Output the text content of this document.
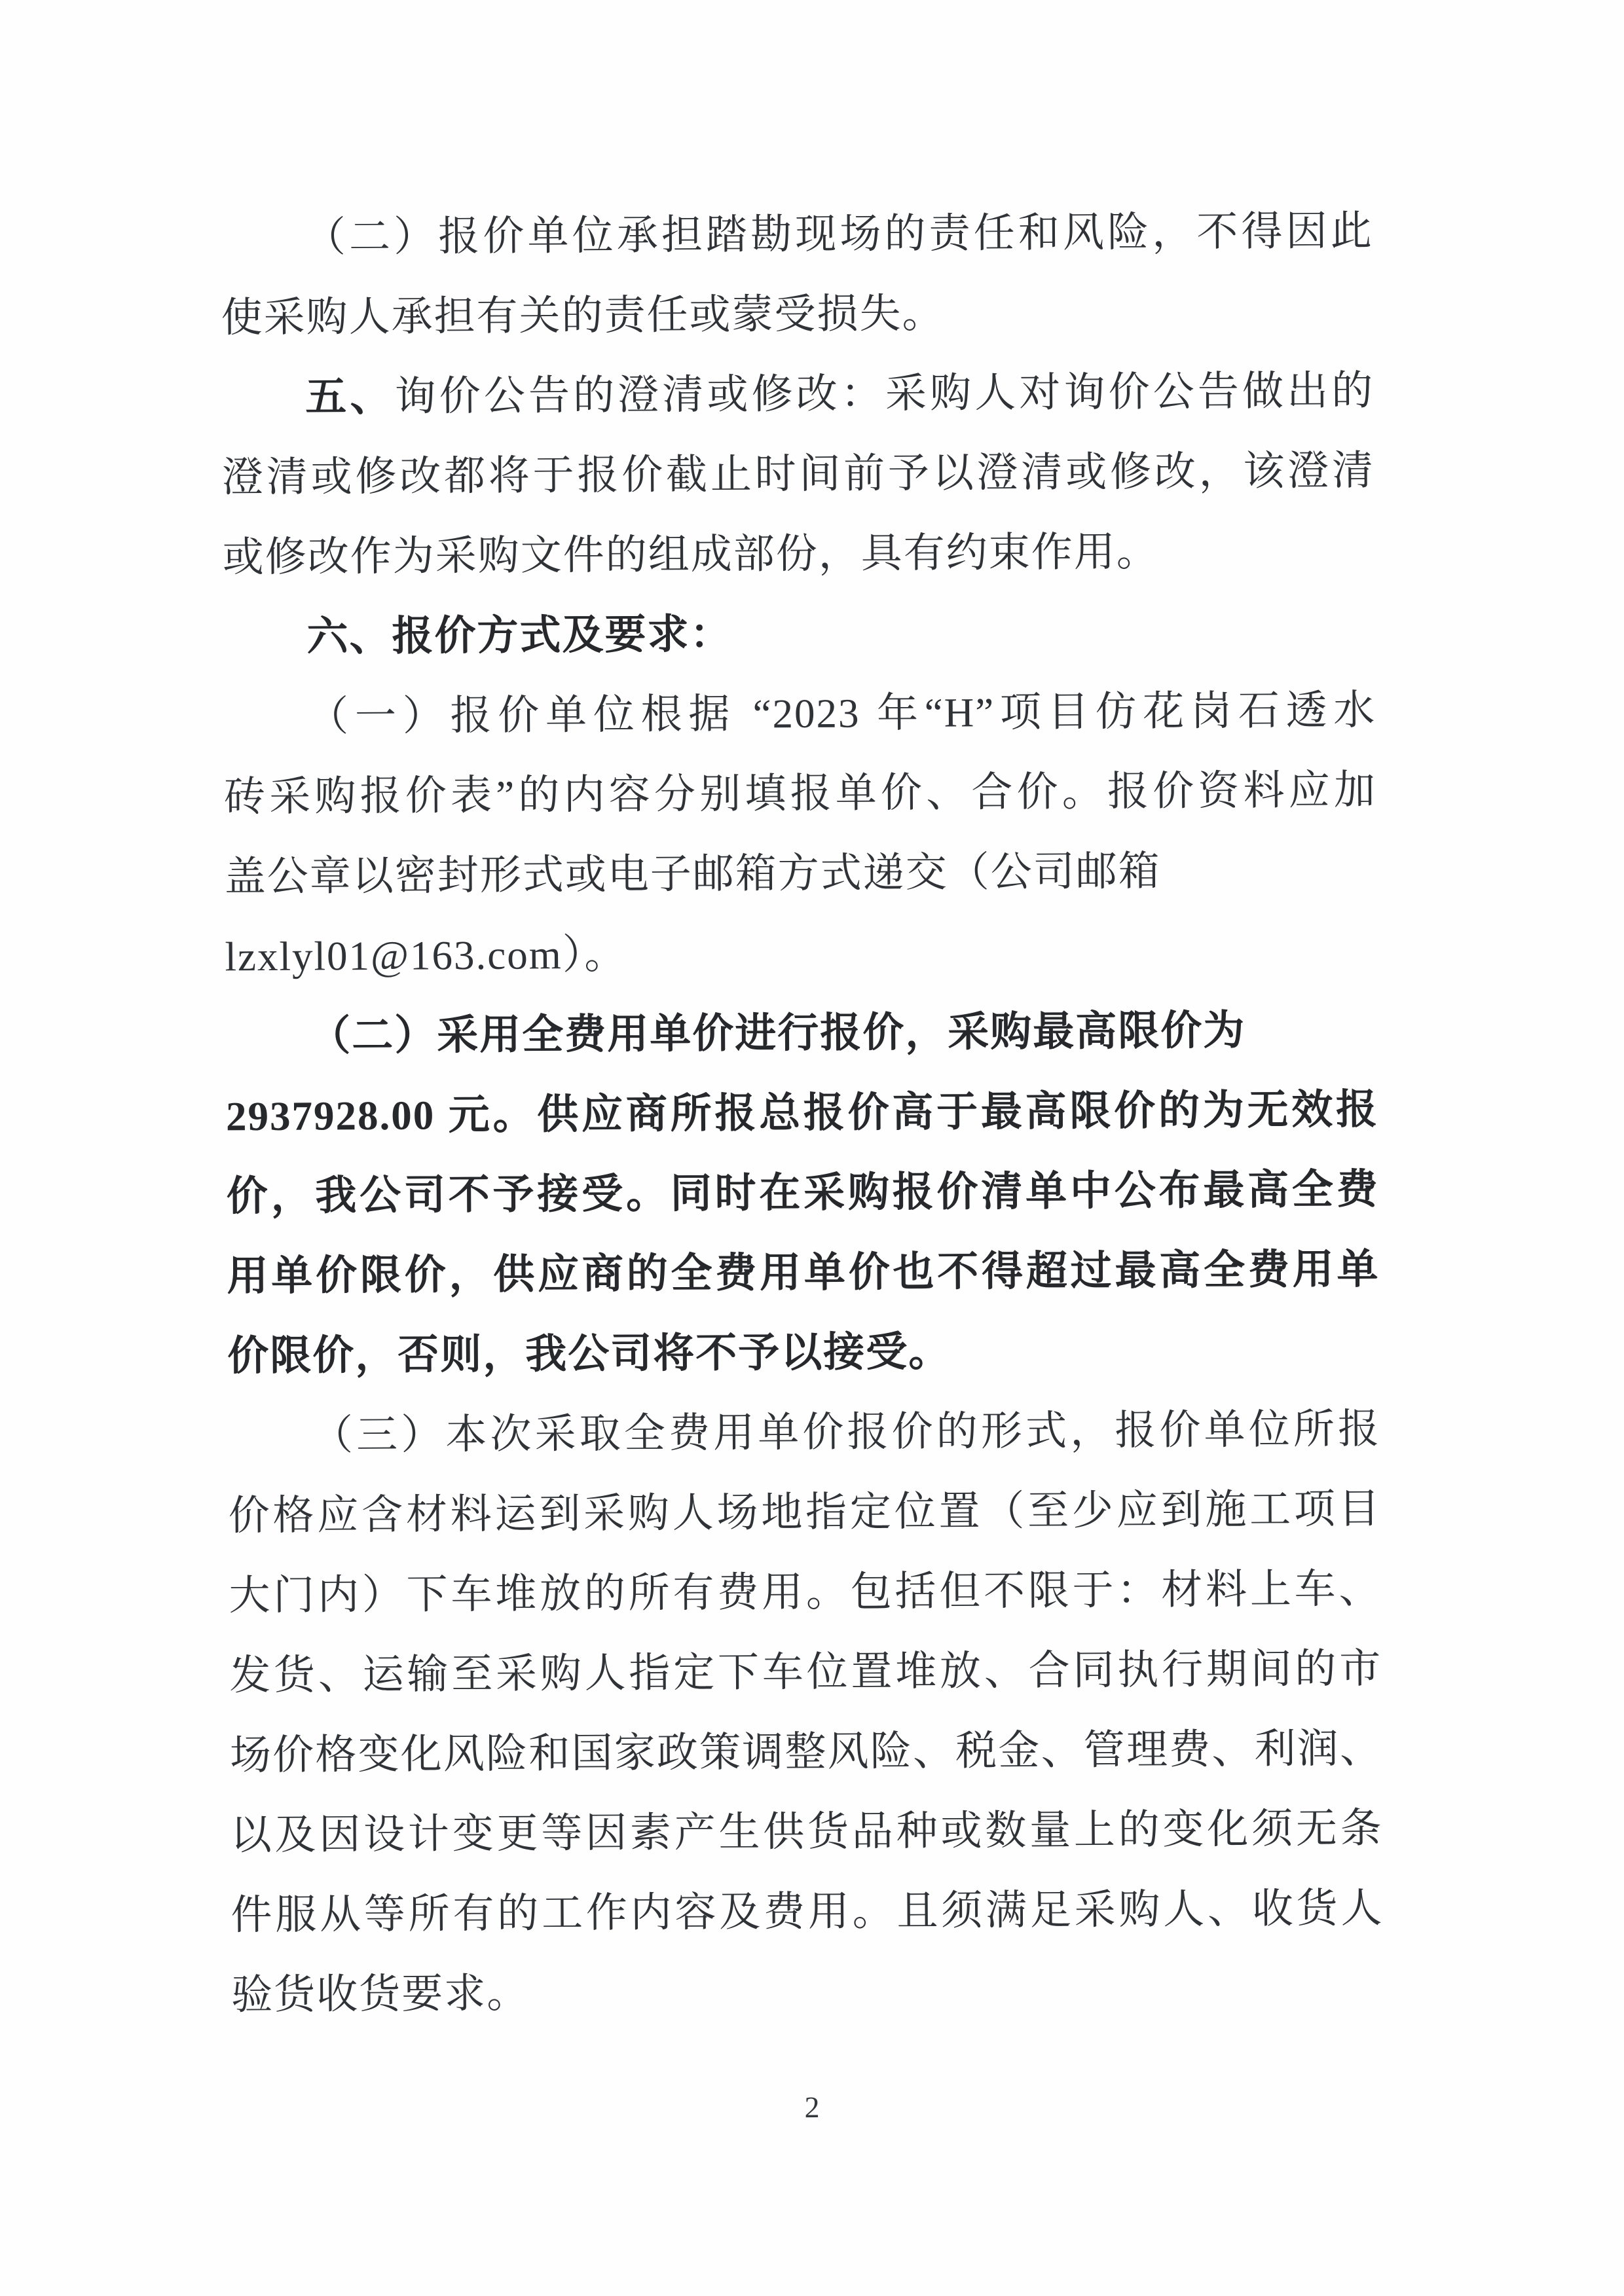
（二）报价单位承担踏勘现场的责任和风险，不得因此
使采购人承担有关的责任或蒙受损失。
五、询价公告的澄清或修改：采购人对询价公告做出的
澄清或修改都将于报价截止时间前予以澄清或修改，该澄清
或修改作为采购文件的组成部份，具有约束作用。
六、报价方式及要求：
（一）报价单位根据 “2023 年“H”项目仿花岗石透水
砖采购报价表”的内容分别填报单价、合价。报价资料应加
盖公章以密封形式或电子邮箱方式递交（公司邮箱
lzxlyl01@163.com）。
（二）采用全费用单价进行报价，采购最高限价为
2937928.00 元。供应商所报总报价高于最高限价的为无效报
价，我公司不予接受。同时在采购报价清单中公布最高全费
用单价限价，供应商的全费用单价也不得超过最高全费用单
价限价，否则，我公司将不予以接受。
（三）本次采取全费用单价报价的形式，报价单位所报
价格应含材料运到采购人场地指定位置（至少应到施工项目
大门内）下车堆放的所有费用。包括但不限于：材料上车、
发货、运输至采购人指定下车位置堆放、合同执行期间的市
场价格变化风险和国家政策调整风险、税金、管理费、利润、
以及因设计变更等因素产生供货品种或数量上的变化须无条
件服从等所有的工作内容及费用。且须满足采购人、收货人
验货收货要求。
2
